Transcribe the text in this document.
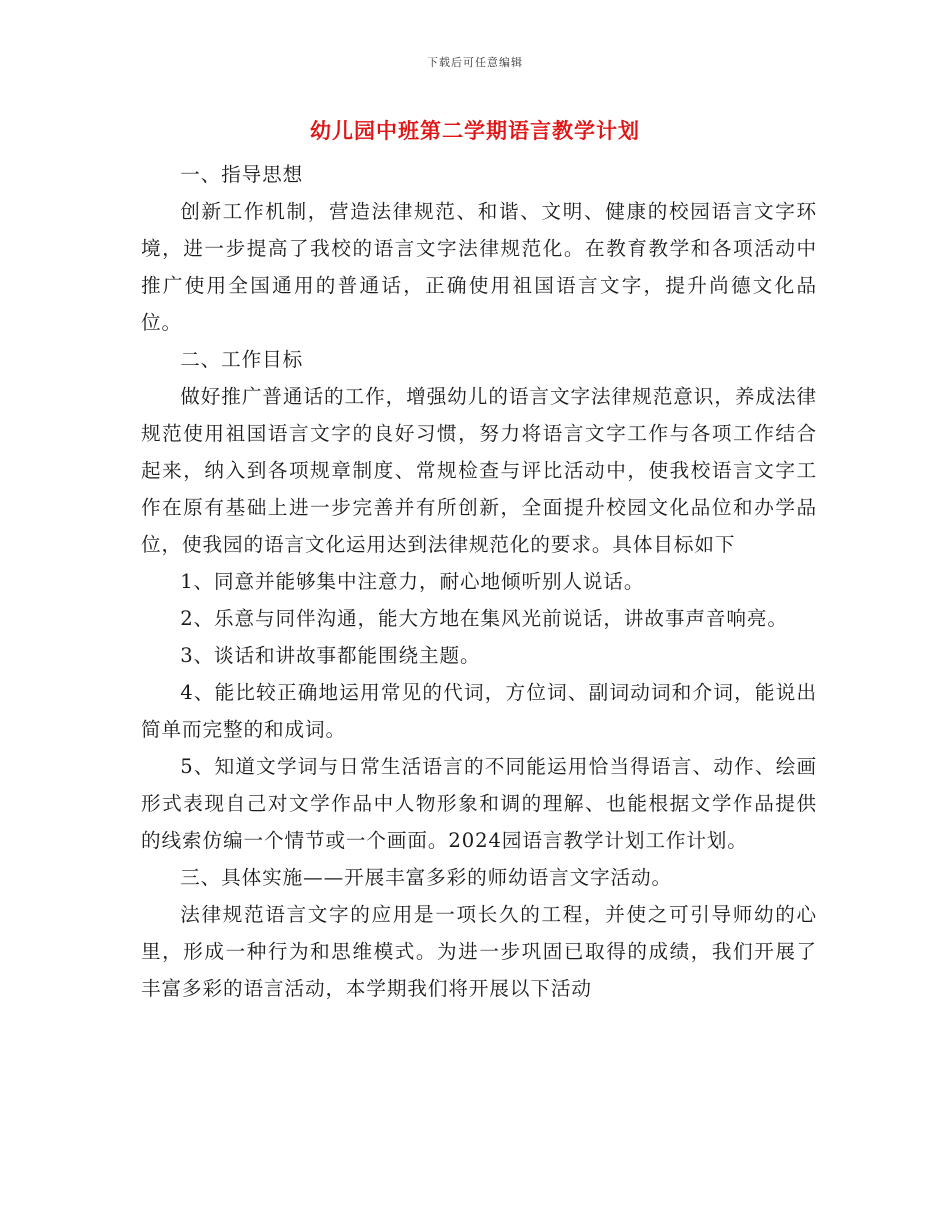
下载后可任意编辑
幼儿园中班第二学期语言教学计划

一、指导思想

创新工作机制，营造法律规范、和谐、文明、健康的校园语言文字环境，进一步提高了我校的语言文字法律规范化。在教育教学和各项活动中推广使用全国通用的普通话，正确使用祖国语言文字，提升尚德文化品位。

二、工作目标

做好推广普通话的工作，增强幼儿的语言文字法律规范意识，养成法律规范使用祖国语言文字的良好习惯，努力将语言文字工作与各项工作结合起来，纳入到各项规章制度、常规检查与评比活动中，使我校语言文字工作在原有基础上进一步完善并有所创新，全面提升校园文化品位和办学品位，使我园的语言文化运用达到法律规范化的要求。具体目标如下

1、同意并能够集中注意力，耐心地倾听别人说话。

2、乐意与同伴沟通，能大方地在集风光前说话，讲故事声音响亮。

3、谈话和讲故事都能围绕主题。

4、能比较正确地运用常见的代词，方位词、副词动词和介词，能说出简单而完整的和成词。

5、知道文学词与日常生活语言的不同能运用恰当得语言、动作、绘画形式表现自己对文学作品中人物形象和调的理解、也能根据文学作品提供的线索仿编一个情节或一个画面。2024园语言教学计划工作计划。

三、具体实施——开展丰富多彩的师幼语言文字活动。

法律规范语言文字的应用是一项长久的工程，并使之可引导师幼的心里，形成一种行为和思维模式。为进一步巩固已取得的成绩，我们开展了丰富多彩的语言活动，本学期我们将开展以下活动
